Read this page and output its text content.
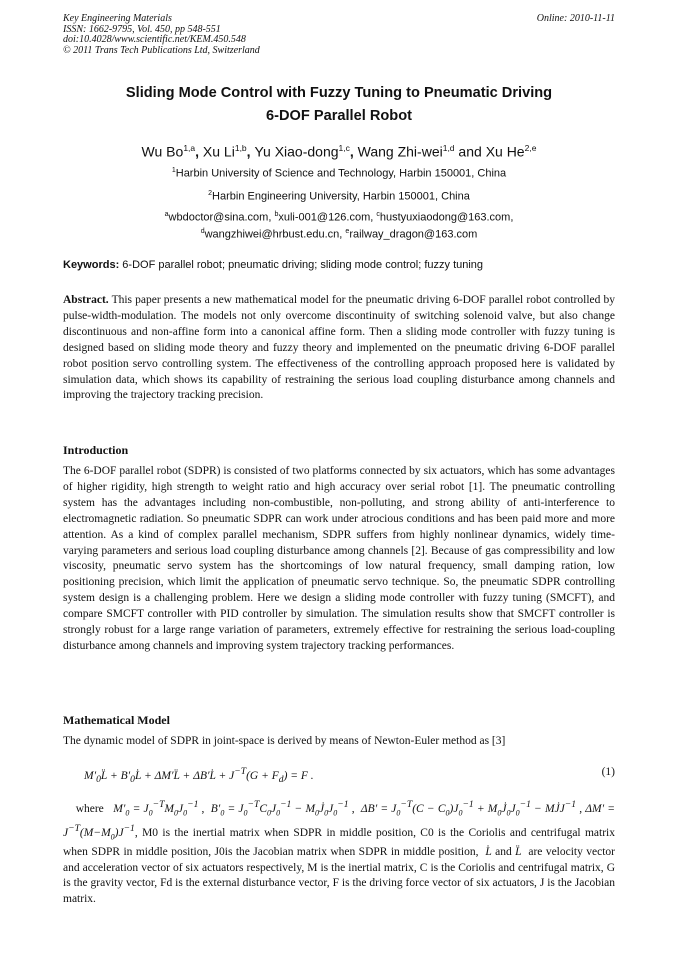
Key Engineering Materials
ISSN: 1662-9795, Vol. 450, pp 548-551
doi:10.4028/www.scientific.net/KEM.450.548
© 2011 Trans Tech Publications Ltd, Switzerland
Online: 2010-11-11
Sliding Mode Control with Fuzzy Tuning to Pneumatic Driving
6-DOF Parallel Robot
Wu Bo$^{1,a}$, Xu Li$^{1,b}$, Yu Xiao-dong$^{1,c}$, Wang Zhi-wei$^{1,d}$ and Xu He$^{2,e}$
$^1$Harbin University of Science and Technology, Harbin 150001, China
$^2$Harbin Engineering University, Harbin 150001, China
$^a$wbdoctor@sina.com, $^b$xuli-001@126.com, $^c$hustyuxiaodong@163.com,
$^d$wangzhiwei@hrbust.edu.cn, $^e$railway_dragon@163.com
Keywords: 6-DOF parallel robot; pneumatic driving; sliding mode control; fuzzy tuning
Abstract. This paper presents a new mathematical model for the pneumatic driving 6-DOF parallel robot controlled by pulse-width-modulation. The models not only overcome discontinuity of switching solenoid valve, but also change discontinuous and non-affine form into a canonical affine form. Then a sliding mode controller with fuzzy tuning is designed based on sliding mode theory and fuzzy theory and implemented on the pneumatic driving 6-DOF parallel robot position servo controlling system. The effectiveness of the controlling approach proposed here is validated by simulation data, which shows its capability of restraining the serious load coupling disturbance among channels and improving the trajectory tracking precision.
Introduction
The 6-DOF parallel robot (SDPR) is consisted of two platforms connected by six actuators, which has some advantages of higher rigidity, high strength to weight ratio and high accuracy over serial robot [1]. The pneumatic controlling system has the advantages including non-combustible, non-polluting, and strong ability of anti-interference to electromagnetic radiation. So pneumatic SDPR can work under atrocious conditions and has been paid more and more attention. As a kind of complex parallel mechanism, SDPR suffers from highly nonlinear dynamics, widely time-varying parameters and serious load coupling disturbance among channels [2]. Because of gas compressibility and low viscosity, pneumatic servo system has the shortcomings of low natural frequency, small damping ration, low positioning precision, which limit the application of pneumatic servo technique. So, the pneumatic SDPR controlling system design is a challenging problem. Here we design a sliding mode controller with fuzzy tuning (SMCFT), and compare SMCFT controller with PID controller by simulation. The simulation results show that SMCFT controller is strongly robust for a large range variation of parameters, extremely effective for restraining the serious load-coupling disturbance among channels and improving system trajectory tracking performances.
Mathematical Model
The dynamic model of SDPR in joint-space is derived by means of Newton-Euler method as [3]
$M'_0L̈$ + $B'_0L̇$ + ΔM′L̈ + ΔB′L̇ + $J^{-T}(G + F_d) = F$ .	(1)
where $M'_0 = J_0^{-T}M_0J_0^{-1}$ ,  $B'_0 = J_0^{-T}C_0J_0^{-1}$ − $M_0J̇_0J_0^{-1}$ ,  $\Delta B' = J_0^{-T}(C - C_0)J_0^{-1}$ + $M_0J̇_0J_0^{-1}$ − $MJ̇J^{-1}$ , $\Delta M' = J^{-T}(M-M_0)J^{-1}$, M0 is the inertial matrix when SDPR in middle position, C0 is the Coriolis and centrifugal matrix when SDPR in middle position, J0is the Jacobian matrix when SDPR in middle position,  L̇ and L̈ are velocity vector and acceleration vector of six actuators respectively, M is the inertial matrix, C is the Coriolis and centrifugal matrix, G is the gravity vector, Fd is the external disturbance vector, F is the driving force vector of six actuators, J is the Jacobian matrix.
